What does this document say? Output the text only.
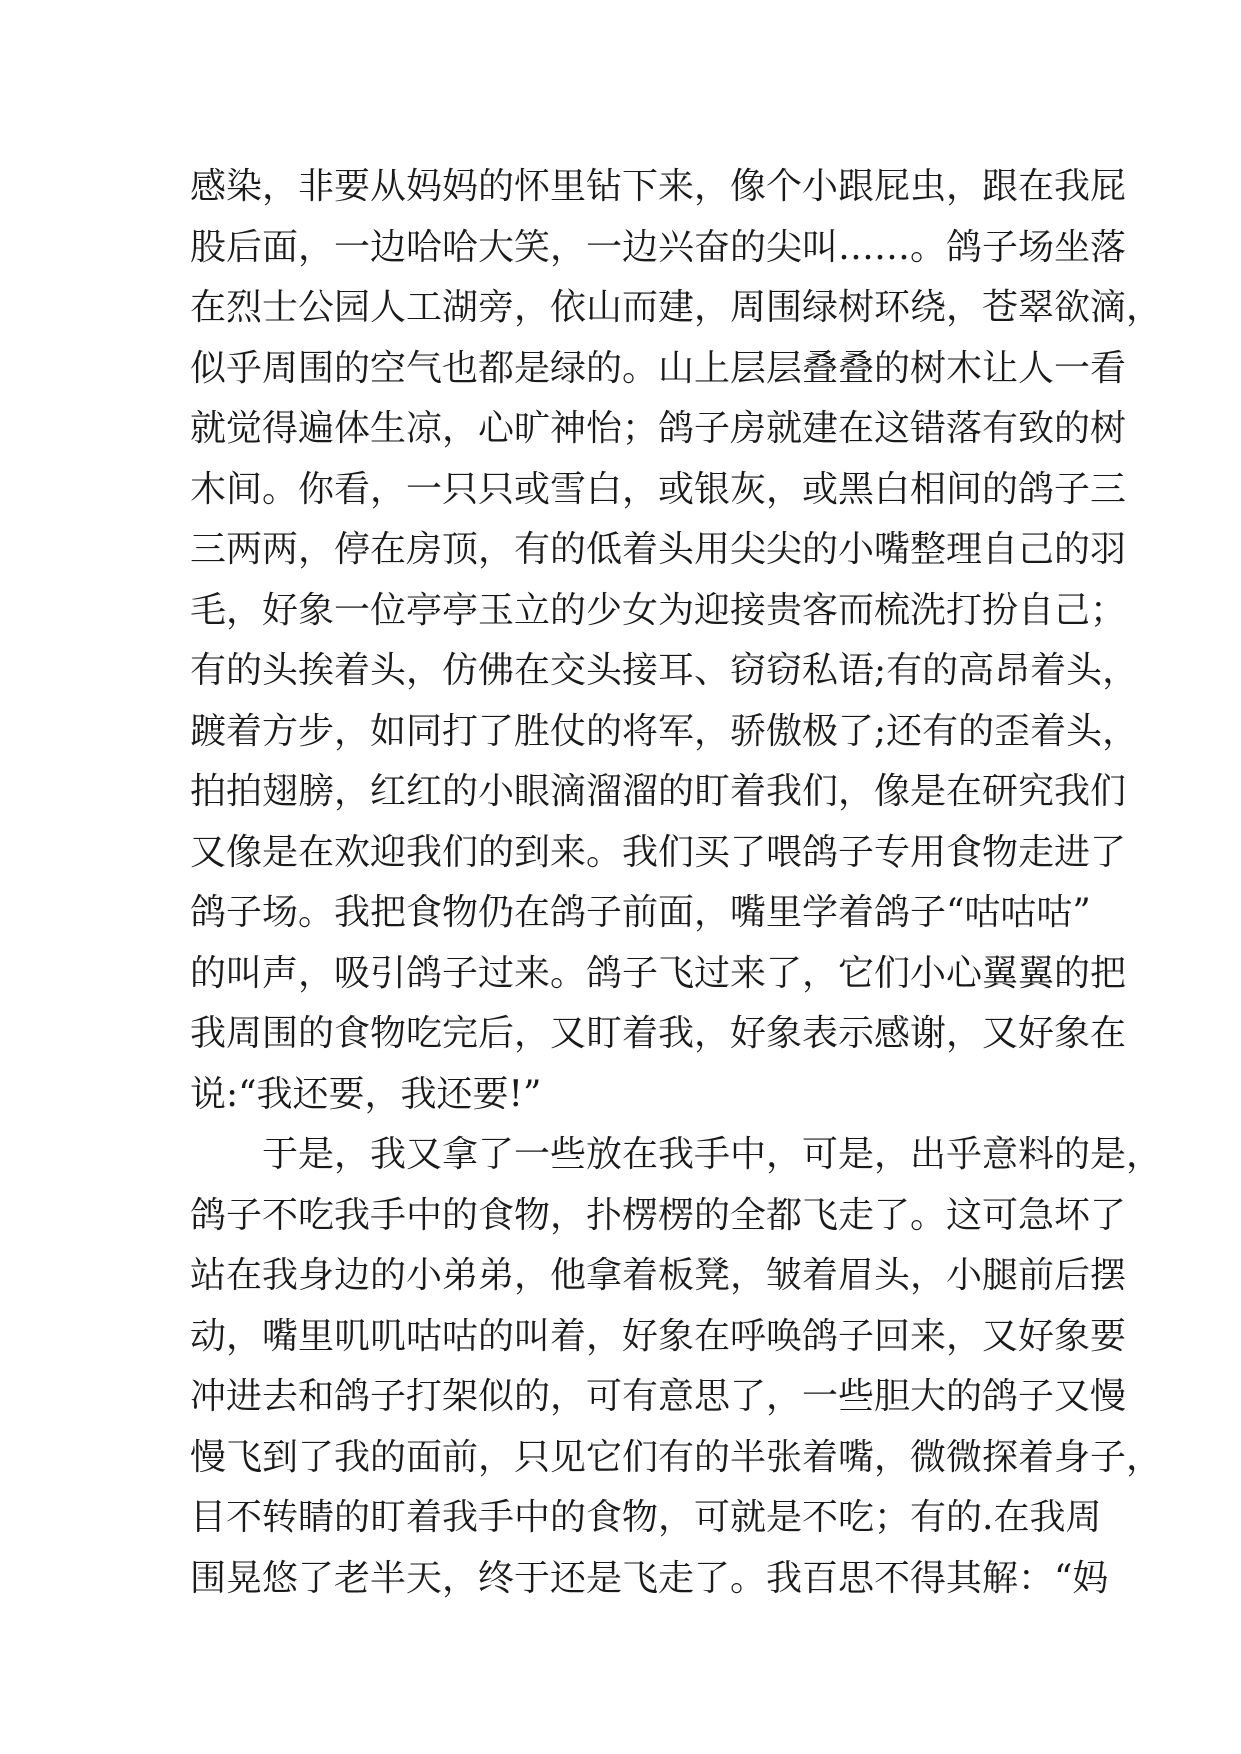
感染，非要从妈妈的怀里钻下来，像个小跟屁虫，跟在我屁
股后面，一边哈哈大笑，一边兴奋的尖叫……。鸽子场坐落
在烈士公园人工湖旁，依山而建，周围绿树环绕，苍翠欲滴，
似乎周围的空气也都是绿的。山上层层叠叠的树木让人一看
就觉得遍体生凉，心旷神怡；鸽子房就建在这错落有致的树
木间。你看，一只只或雪白，或银灰，或黑白相间的鸽子三
三两两，停在房顶，有的低着头用尖尖的小嘴整理自己的羽
毛，好象一位亭亭玉立的少女为迎接贵客而梳洗打扮自己；
有的头挨着头，仿佛在交头接耳、窃窃私语;有的高昂着头，
踱着方步，如同打了胜仗的将军，骄傲极了;还有的歪着头，
拍拍翅膀，红红的小眼滴溜溜的盯着我们，像是在研究我们
又像是在欢迎我们的到来。我们买了喂鸽子专用食物走进了
鸽子场。我把食物仍在鸽子前面，嘴里学着鸽子“咕咕咕”
的叫声，吸引鸽子过来。鸽子飞过来了，它们小心翼翼的把
我周围的食物吃完后，又盯着我，好象表示感谢，又好象在
说:“我还要，我还要!”
于是，我又拿了一些放在我手中，可是，出乎意料的是，
鸽子不吃我手中的食物，扑楞楞的全都飞走了。这可急坏了
站在我身边的小弟弟，他拿着板凳，皱着眉头，小腿前后摆
动，嘴里叽叽咕咕的叫着，好象在呼唤鸽子回来，又好象要
冲进去和鸽子打架似的，可有意思了，一些胆大的鸽子又慢
慢飞到了我的面前，只见它们有的半张着嘴，微微探着身子，
目不转睛的盯着我手中的食物，可就是不吃；有的.在我周
围晃悠了老半天，终于还是飞走了。我百思不得其解：“妈
